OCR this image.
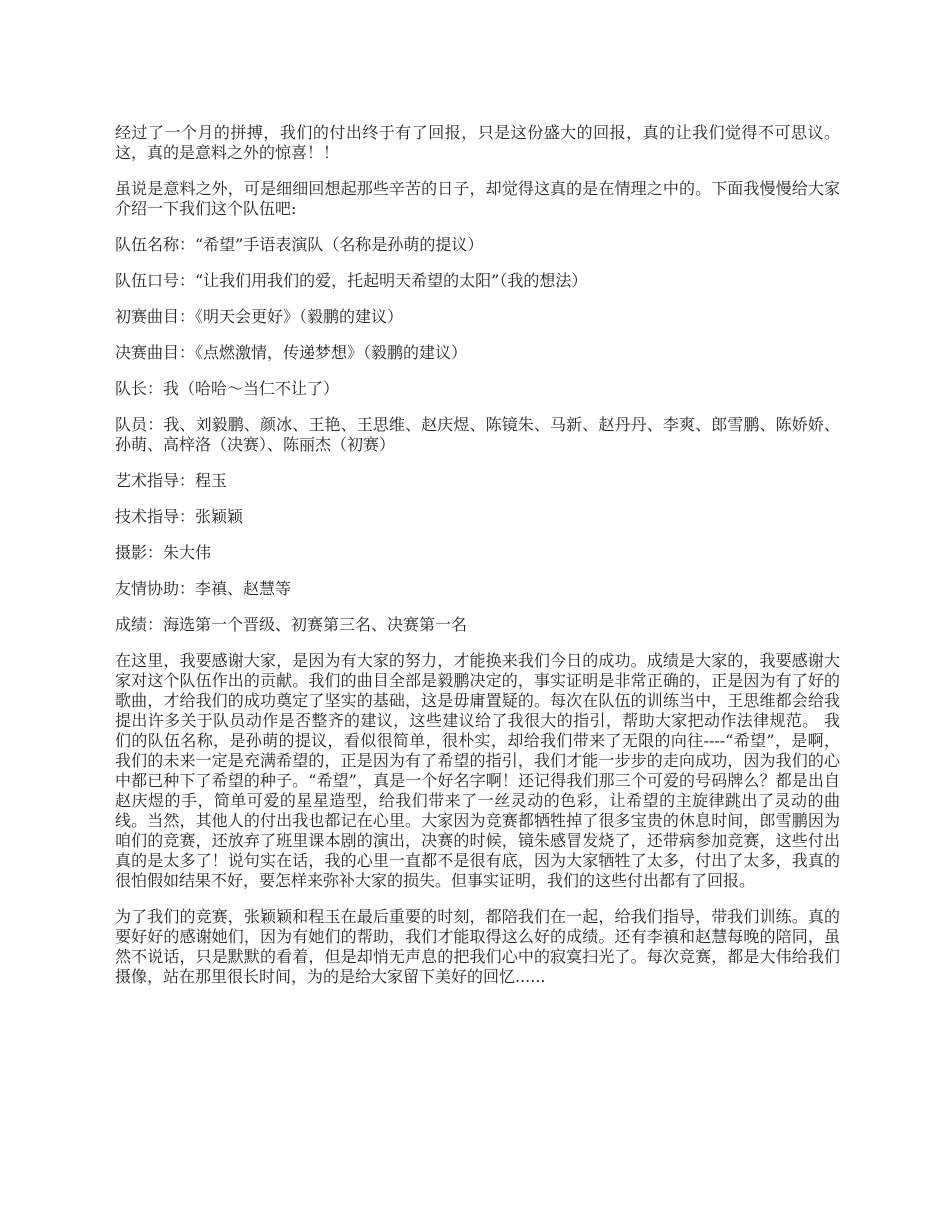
经过了一个月的拼搏，我们的付出终于有了回报，只是这份盛大的回报，真的让我们觉得不可思议。这，真的是意料之外的惊喜！！

虽说是意料之外，可是细细回想起那些辛苦的日子，却觉得这真的是在情理之中的。下面我慢慢给大家介绍一下我们这个队伍吧:

队伍名称：“希望”手语表演队（名称是孙萌的提议）

队伍口号：“让我们用我们的爱，托起明天希望的太阳”（我的想法）

初赛曲目：《明天会更好》（毅鹏的建议）

决赛曲目：《点燃激情，传递梦想》（毅鹏的建议）

队长：我（哈哈～当仁不让了）

队员：我、刘毅鹏、颜冰、王艳、王思维、赵庆煜、陈镜朱、马新、赵丹丹、李爽、郎雪鹏、陈娇娇、孙萌、高梓洛（决赛）、陈丽杰（初赛）

艺术指导：程玉

技术指导：张颖颖

摄影：朱大伟

友情协助：李禛、赵慧等

成绩：海选第一个晋级、初赛第三名、决赛第一名

在这里，我要感谢大家，是因为有大家的努力，才能换来我们今日的成功。成绩是大家的，我要感谢大家对这个队伍作出的贡献。我们的曲目全部是毅鹏决定的，事实证明是非常正确的，正是因为有了好的歌曲，才给我们的成功奠定了坚实的基础，这是毋庸置疑的。每次在队伍的训练当中，王思维都会给我提出许多关于队员动作是否整齐的建议，这些建议给了我很大的指引，帮助大家把动作法律规范。 我们的队伍名称，是孙萌的提议，看似很简单，很朴实，却给我们带来了无限的向往----“希望”，是啊，我们的未来一定是充满希望的，正是因为有了希望的指引，我们才能一步步的走向成功，因为我们的心中都已种下了希望的种子。“希望”，真是一个好名字啊！还记得我们那三个可爱的号码牌么？都是出自赵庆煜的手，简单可爱的星星造型，给我们带来了一丝灵动的色彩，让希望的主旋律跳出了灵动的曲线。当然，其他人的付出我也都记在心里。大家因为竞赛都牺牲掉了很多宝贵的休息时间，郎雪鹏因为咱们的竞赛，还放弃了班里课本剧的演出，决赛的时候，镜朱感冒发烧了，还带病参加竞赛，这些付出真的是太多了！说句实在话，我的心里一直都不是很有底，因为大家牺牲了太多，付出了太多，我真的很怕假如结果不好，要怎样来弥补大家的损失。但事实证明，我们的这些付出都有了回报。

为了我们的竞赛，张颖颖和程玉在最后重要的时刻，都陪我们在一起，给我们指导，带我们训练。真的要好好的感谢她们，因为有她们的帮助，我们才能取得这么好的成绩。还有李禛和赵慧每晚的陪同，虽然不说话，只是默默的看着，但是却悄无声息的把我们心中的寂寞扫光了。每次竞赛，都是大伟给我们摄像，站在那里很长时间，为的是给大家留下美好的回忆......
